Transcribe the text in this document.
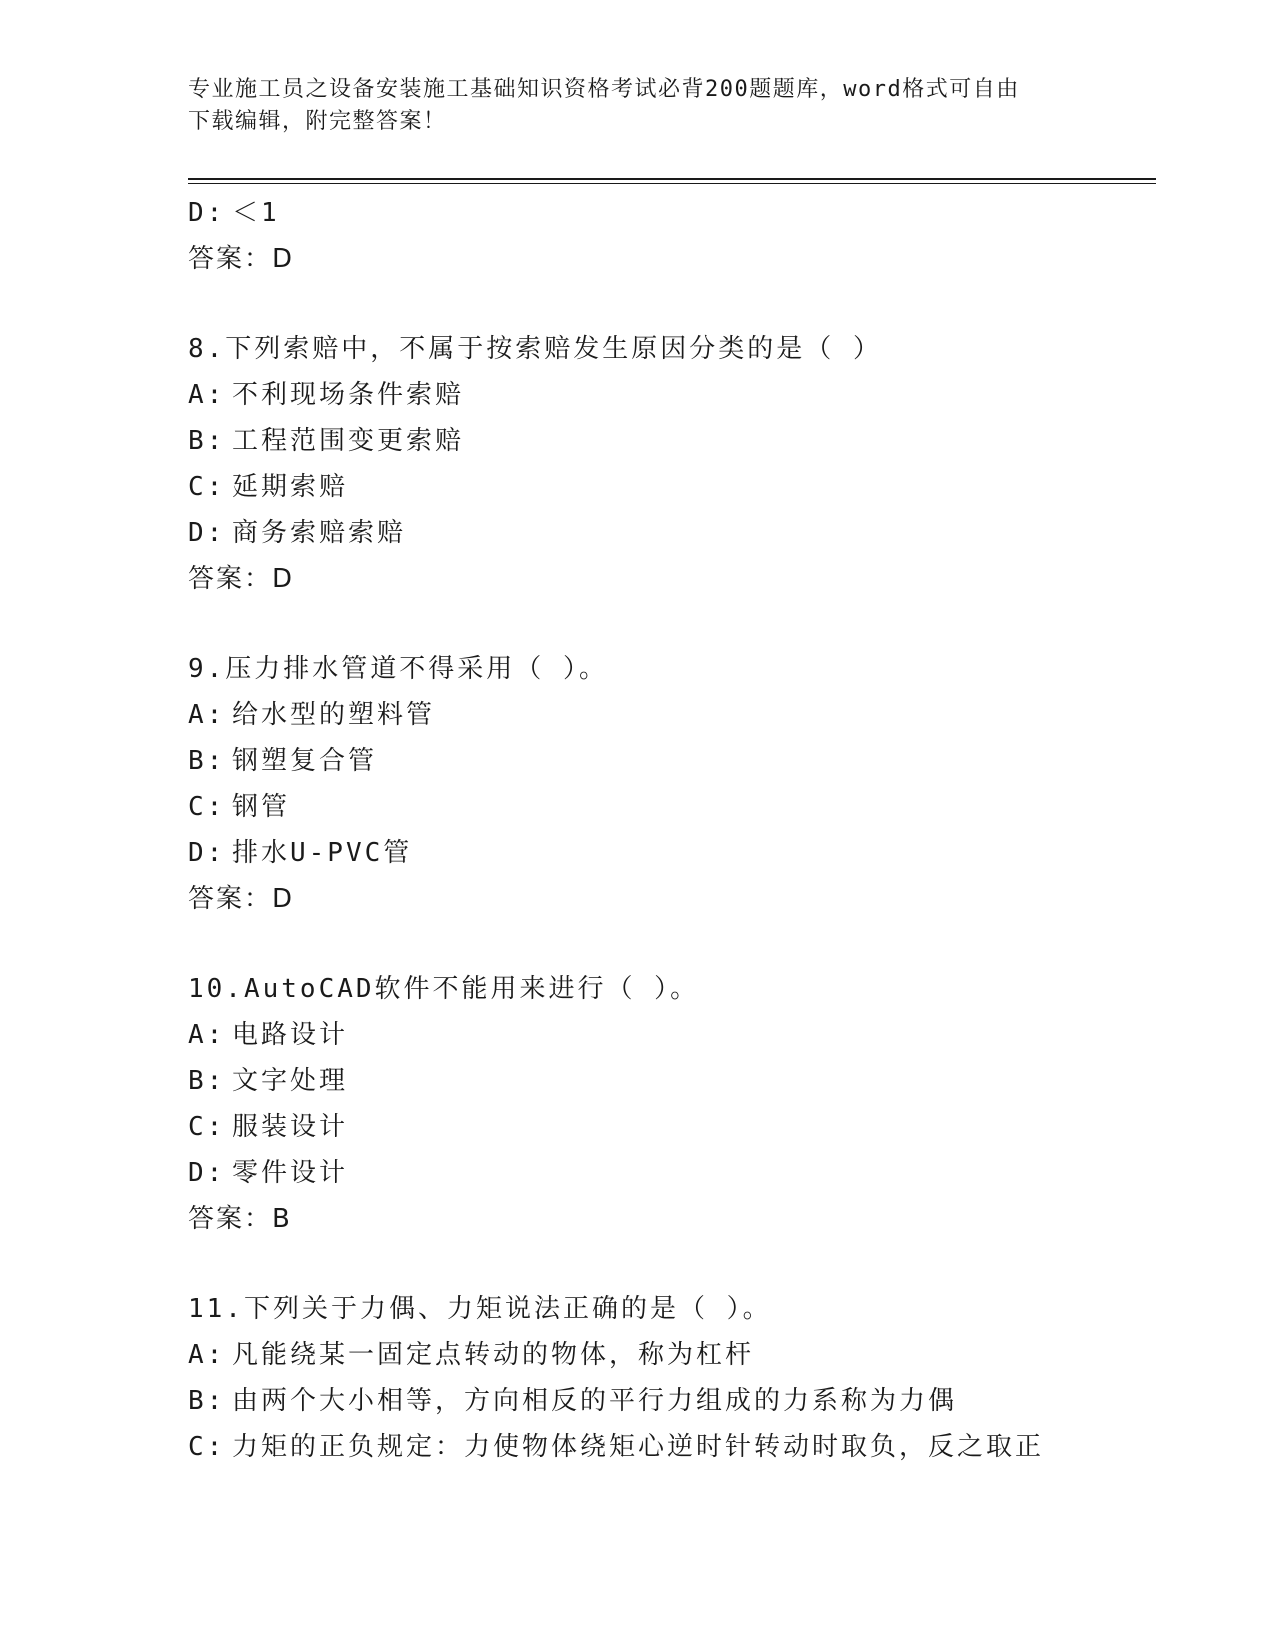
专业施工员之设备安装施工基础知识资格考试必背200题题库，word格式可自由
下载编辑，附完整答案！
D: ＜1
答案：D
8.下列索赔中，不属于按索赔发生原因分类的是（ ）
A: 不利现场条件索赔
B: 工程范围变更索赔
C: 延期索赔
D: 商务索赔索赔
答案：D
9.压力排水管道不得采用（ ）。
A: 给水型的塑料管
B: 钢塑复合管
C: 钢管
D: 排水U-PVC管
答案：D
10.AutoCAD软件不能用来进行（ ）。
A: 电路设计
B: 文字处理
C: 服装设计
D: 零件设计
答案：B
11.下列关于力偶、力矩说法正确的是（ ）。
A: 凡能绕某一固定点转动的物体，称为杠杆
B: 由两个大小相等，方向相反的平行力组成的力系称为力偶
C: 力矩的正负规定：力使物体绕矩心逆时针转动时取负，反之取正
